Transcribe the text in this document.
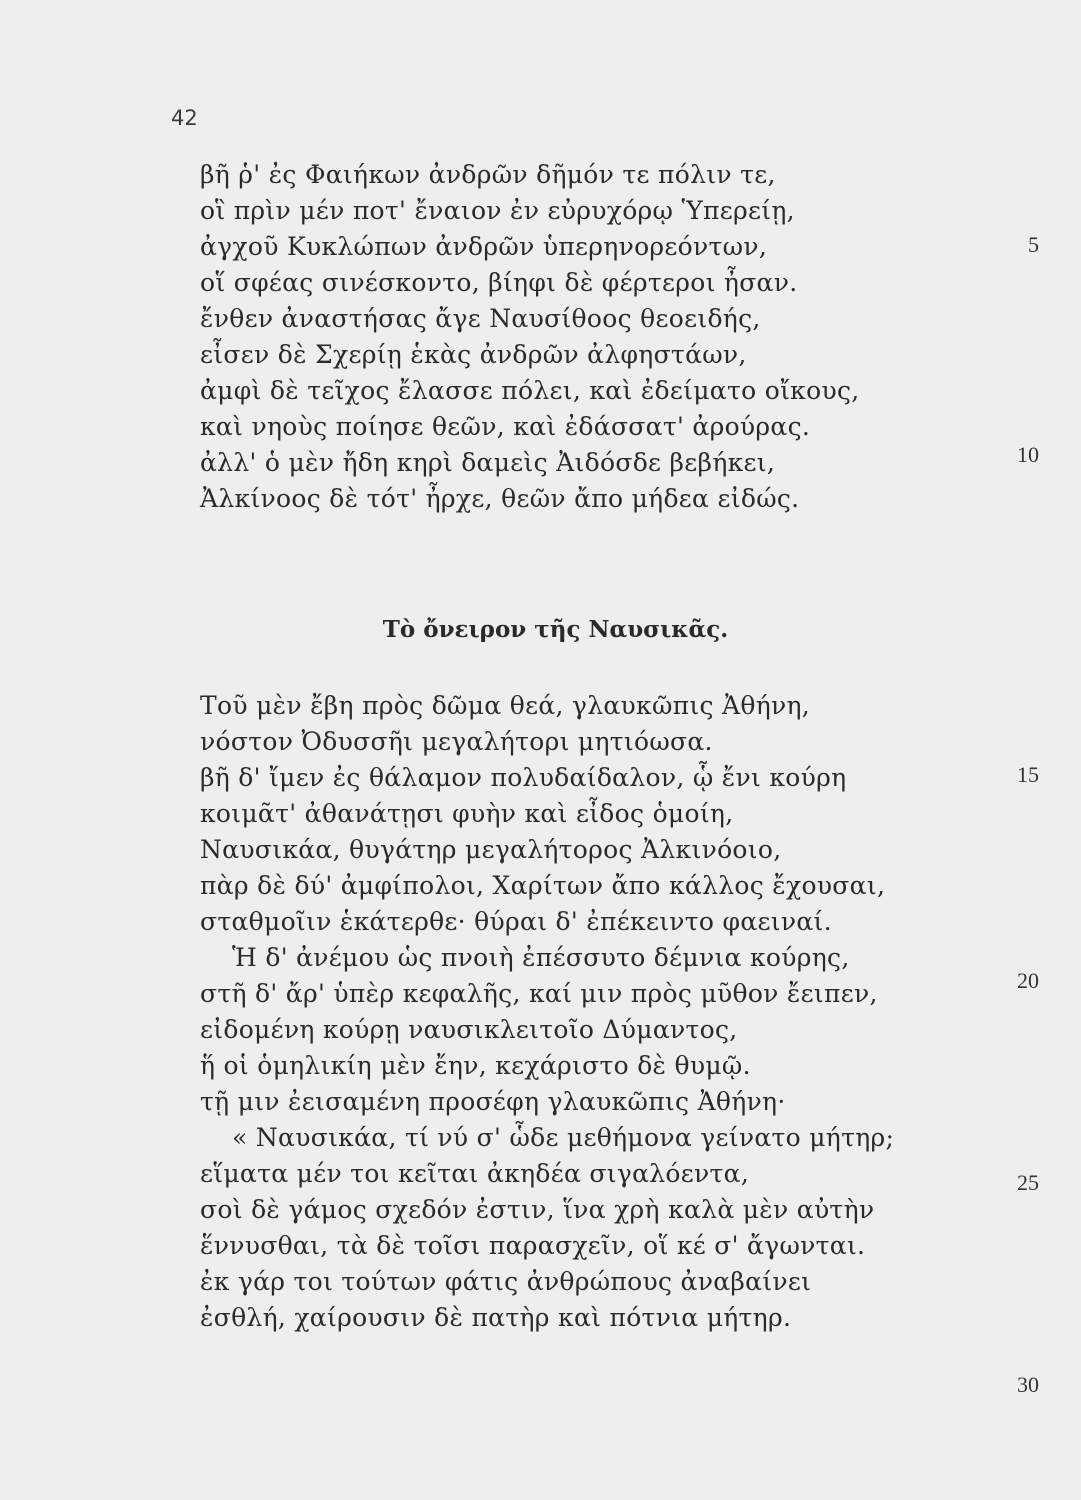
42
βῆ ῥ' ἐς Φαιήκων ἀνδρῶν δῆμόν τε πόλιν τε,
οἳ πρὶν μέν ποτ' ἔναιον ἐν εὐρυχόρῳ Ὑπερείῃ,
ἀγχοῦ Κυκλώπων ἀνδρῶν ὑπερηνορεόντων,
οἵ σφέας σινέσκοντο, βίηφι δὲ φέρτεροι ἦσαν.
ἔνθεν ἀναστήσας ἄγε Ναυσίθοος θεοειδής,
εἶσεν δὲ Σχερίῃ ἑκὰς ἀνδρῶν ἀλφηστάων,
ἀμφὶ δὲ τεῖχος ἔλασσε πόλει, καὶ ἐδείματο οἴκους,
καὶ νηοὺς ποίησε θεῶν, καὶ ἐδάσσατ' ἀρούρας.
ἀλλ' ὁ μὲν ἤδη κηρὶ δαμεὶς Ἀιδόσδε βεβήκει,
Ἀλκίνοος δὲ τότ' ἦρχε, θεῶν ἄπο μήδεα εἰδώς.
Τὸ ὄνειρον τῆς Ναυσικᾶς.
Τοῦ μὲν ἔβη πρὸς δῶμα θεά, γλαυκῶπις Ἀθήνη,
νόστον Ὀδυσσῆι μεγαλήτορι μητιόωσα.
βῆ δ' ἴμεν ἐς θάλαμον πολυδαίδαλον, ᾧ ἔνι κούρη
κοιμᾶτ' ἀθανάτῃσι φυὴν καὶ εἶδος ὁμοίη,
Ναυσικάα, θυγάτηρ μεγαλήτορος Ἀλκινόοιο,
πὰρ δὲ δύ' ἀμφίπολοι, Χαρίτων ἄπο κάλλος ἔχουσαι,
σταθμοῖιν ἑκάτερθε· θύραι δ' ἐπέκειντο φαειναί.
Ἡ δ' ἀνέμου ὡς πνοιὴ ἐπέσσυτο δέμνια κούρης,
στῆ δ' ἄρ' ὑπὲρ κεφαλῆς, καί μιν πρὸς μῦθον ἔειπεν,
εἰδομένη κούρῃ ναυσικλειτοῖο Δύμαντος,
ἥ οἱ ὁμηλικίη μὲν ἔην, κεχάριστο δὲ θυμῷ.
τῇ μιν ἐεισαμένη προσέφη γλαυκῶπις Ἀθήνη·
« Ναυσικάα, τί νύ σ' ὧδε μεθήμονα γείνατο μήτηρ;
εἵματα μέν τοι κεῖται ἀκηδέα σιγαλόεντα,
σοὶ δὲ γάμος σχεδόν ἐστιν, ἵνα χρὴ καλὰ μὲν αὐτὴν
ἕννυσθαι, τὰ δὲ τοῖσι παρασχεῖν, οἵ κέ σ' ἄγωνται.
ἐκ γάρ τοι τούτων φάτις ἀνθρώπους ἀναβαίνει
ἐσθλή, χαίρουσιν δὲ πατὴρ καὶ πότνια μήτηρ.
5
10
15
20
25
30
